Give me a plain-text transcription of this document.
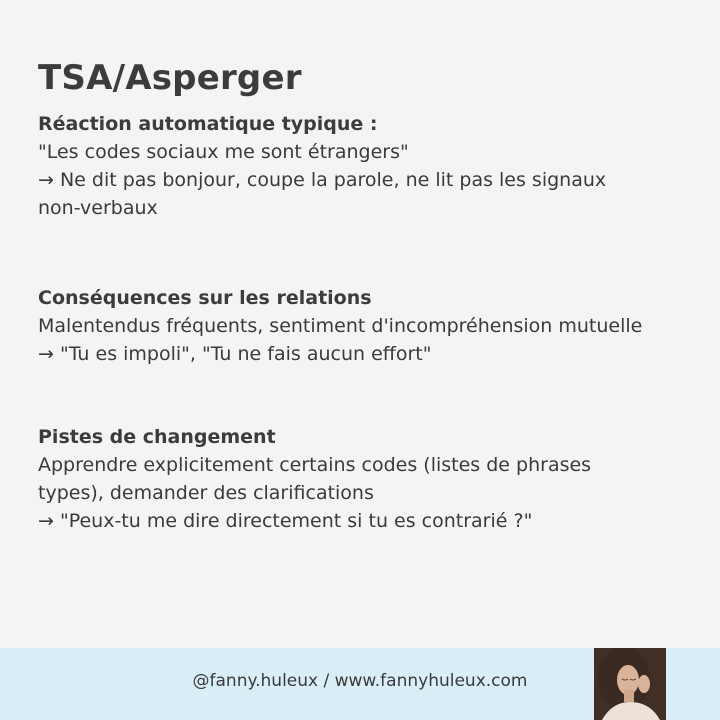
TSA/Asperger
Réaction automatique typique :
"Les codes sociaux me sont étrangers"
→ Ne dit pas bonjour, coupe la parole, ne lit pas les signaux
non-verbaux
Conséquences sur les relations
Malentendus fréquents, sentiment d'incompréhension mutuelle
→ "Tu es impoli", "Tu ne fais aucun effort"
Pistes de changement
Apprendre explicitement certains codes (listes de phrases
types), demander des clarifications
→ "Peux-tu me dire directement si tu es contrarié ?"
@fanny.huleux / www.fannyhuleux.com
